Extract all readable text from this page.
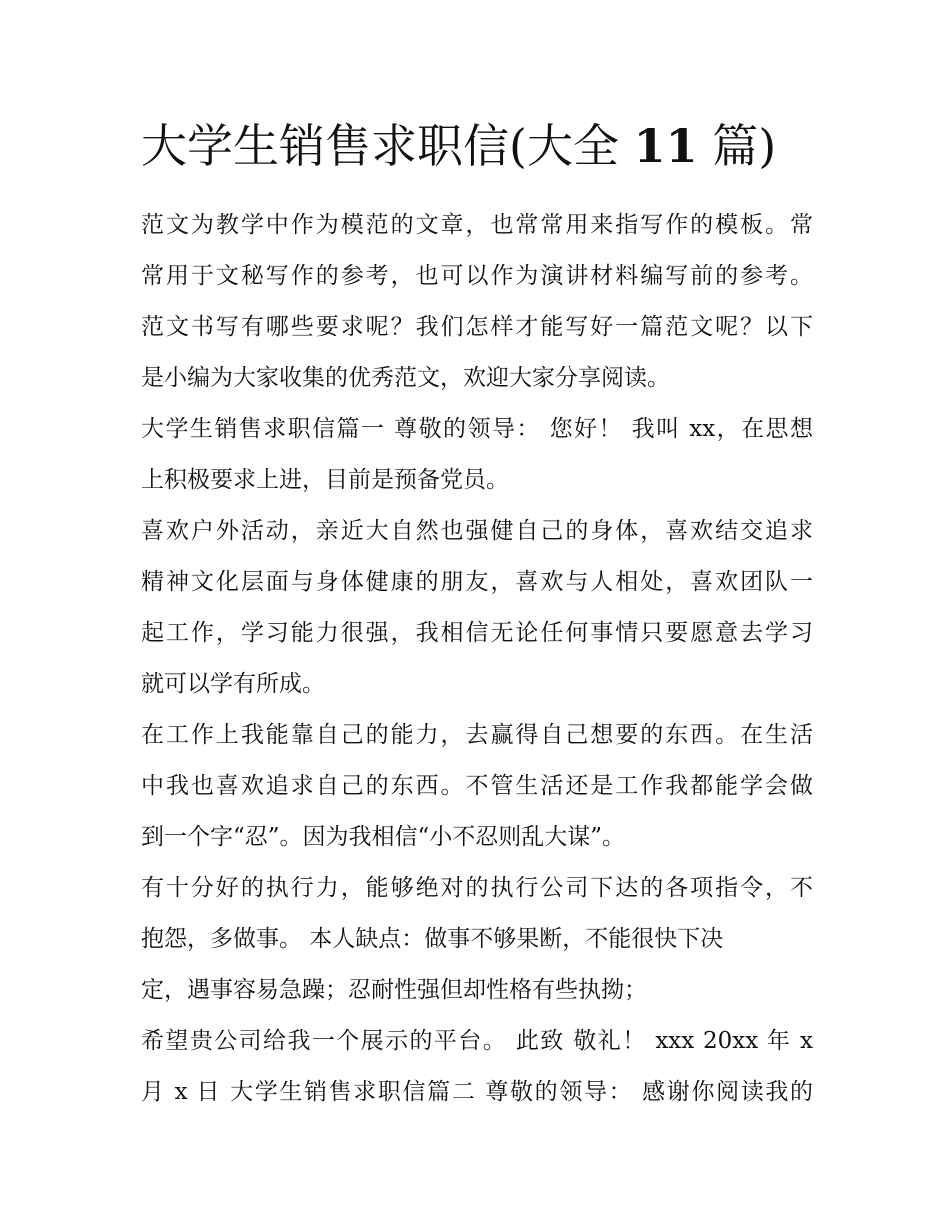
大学生销售求职信(大全 11 篇)
范文为教学中作为模范的文章，也常常用来指写作的模板。常
常用于文秘写作的参考，也可以作为演讲材料编写前的参考。
范文书写有哪些要求呢？我们怎样才能写好一篇范文呢？以下
是小编为大家收集的优秀范文，欢迎大家分享阅读。
大学生销售求职信篇一 尊敬的领导： 您好！ 我叫 xx，在思想
上积极要求上进，目前是预备党员。
喜欢户外活动，亲近大自然也强健自己的身体，喜欢结交追求
精神文化层面与身体健康的朋友，喜欢与人相处，喜欢团队一
起工作，学习能力很强，我相信无论任何事情只要愿意去学习
就可以学有所成。
在工作上我能靠自己的能力，去赢得自己想要的东西。在生活
中我也喜欢追求自己的东西。不管生活还是工作我都能学会做
到一个字“忍”。因为我相信“小不忍则乱大谋”。
有十分好的执行力，能够绝对的执行公司下达的各项指令，不
抱怨，多做事。 本人缺点：做事不够果断，不能很快下决
定，遇事容易急躁；忍耐性强但却性格有些执拗；
希望贵公司给我一个展示的平台。 此致 敬礼！ xxx 20xx 年 x
月 x 日 大学生销售求职信篇二 尊敬的领导： 感谢你阅读我的
